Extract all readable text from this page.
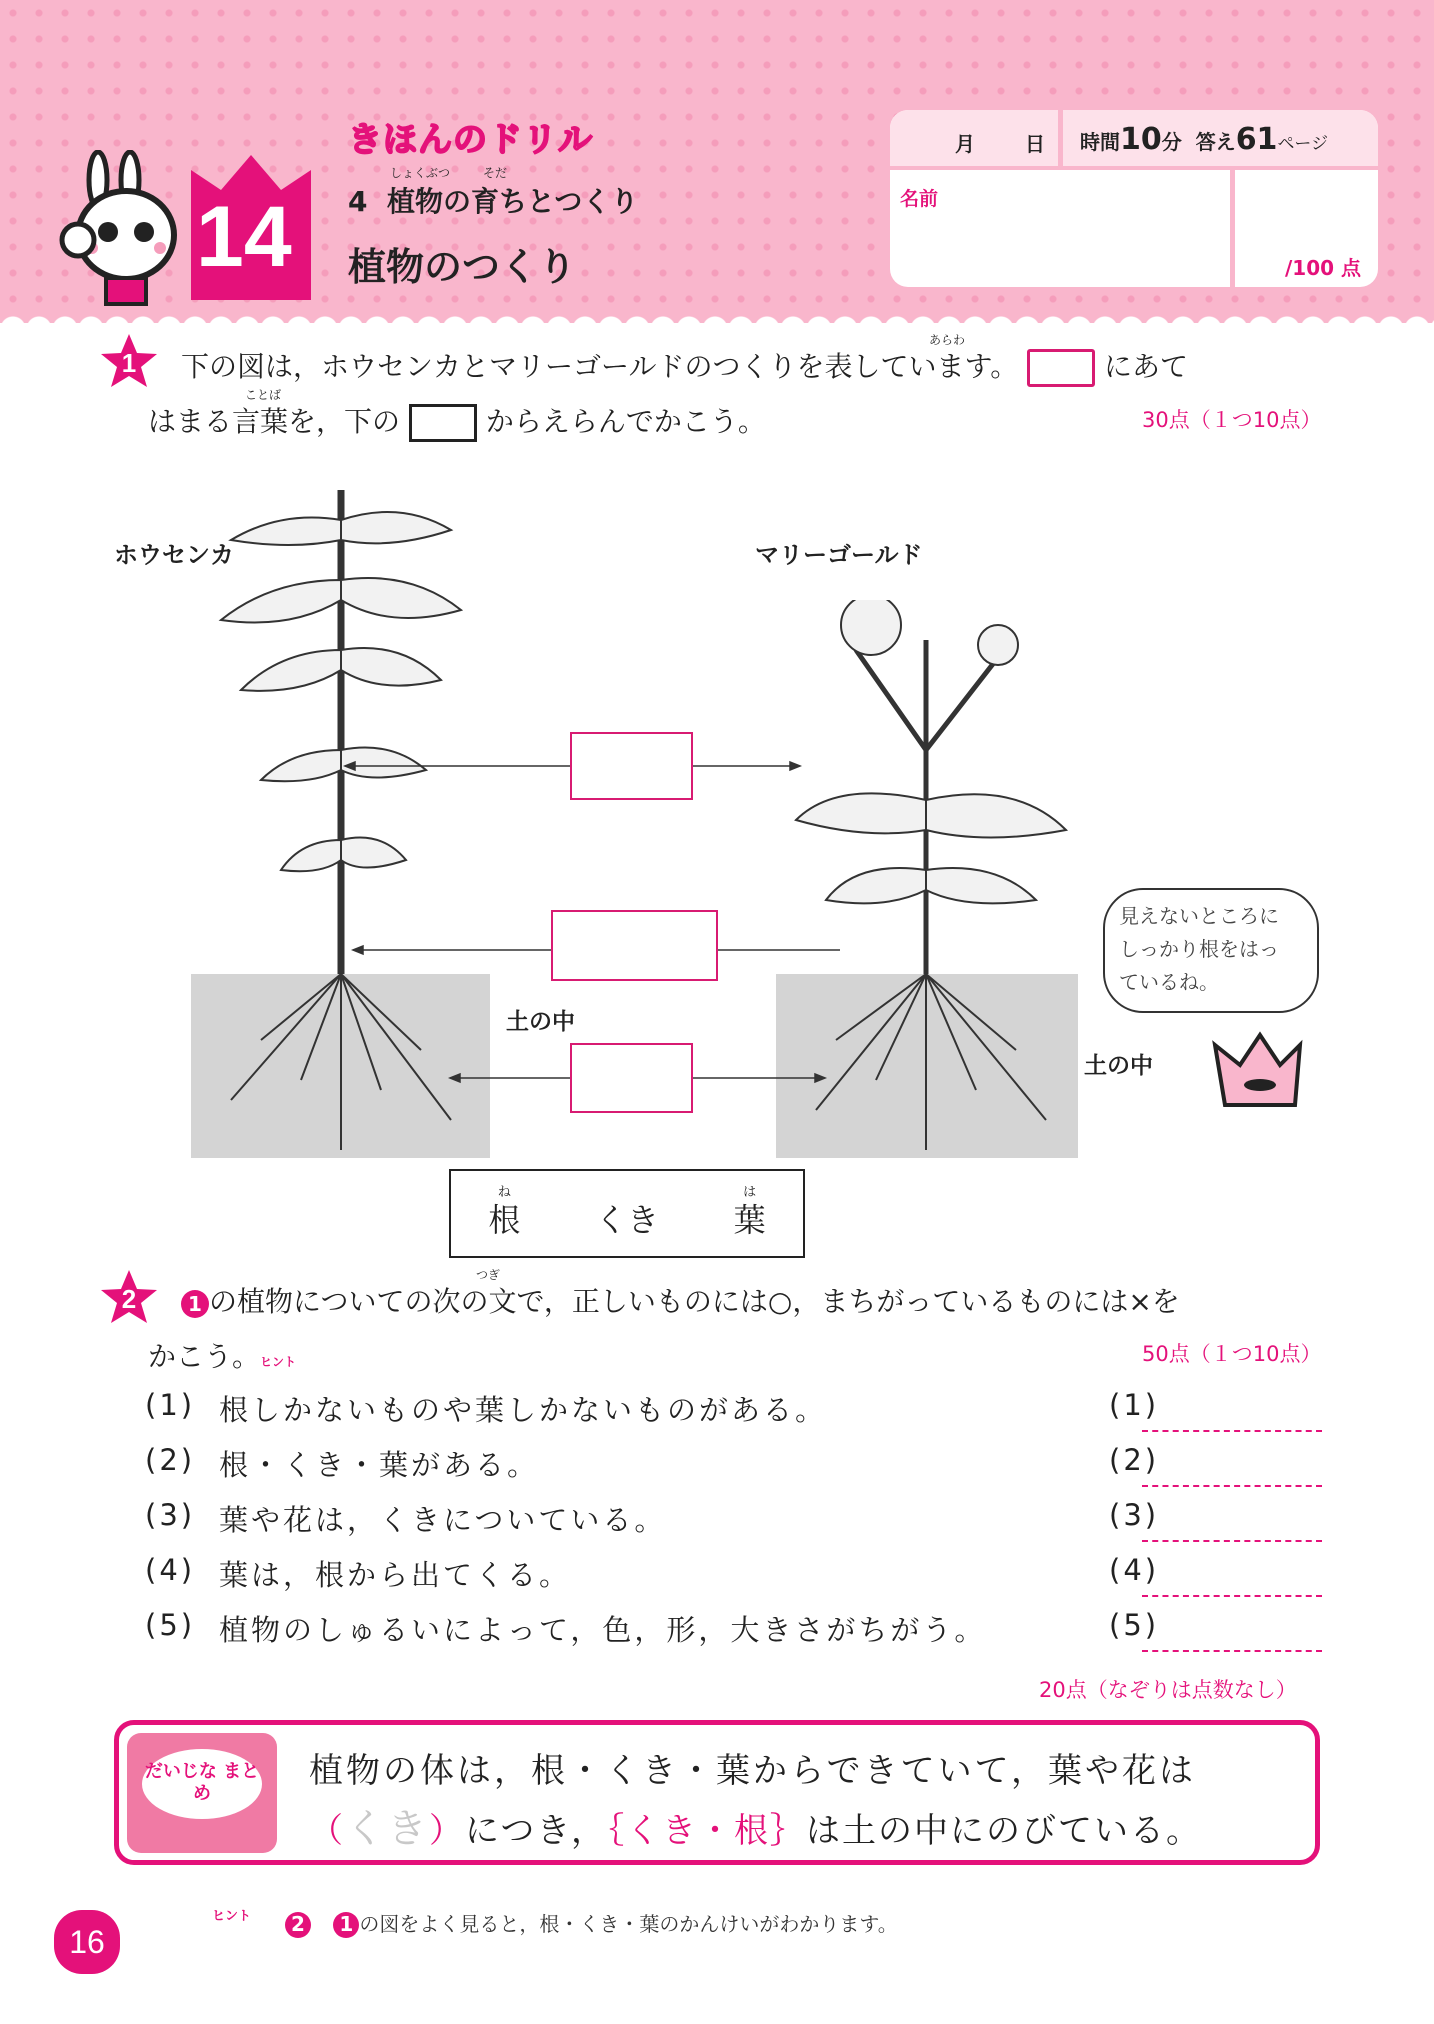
14
きほんのドリル
しょくぶつ	そだ
4 植物の育ちとつくり
植物のつくり
月	日 時間10分 答え61ページ
名前
/100 点
1
あらわ
下の図は，ホウセンカとマリーゴールドのつくりを表しています。	にあて
ことば
はまる言葉を，下の	からえらんでかこう。	30点（１つ10点）
ホウセンカ	マリーゴールド
土の中
土の中
見えないところに
しっかり根をはっ
ているね。
ね
根 くき
は
葉
2
つぎ
1 の植物についての次の文で，正しいものには○，まちがっているものには×を
かこう。ヒント	50点（１つ10点）
(1) 根しかないものや葉しかないものがある。	(1)
(2) 根・くき・葉がある。	(2)
(3) 葉や花は，くきについている。	(3)
(4) 葉は，根から出てくる。	(4)
(5) 植物のしゅるいによって，色，形，大きさがちがう。	(5)
20点（なぞりは点数なし）
だいじな まとめ
植物の体は，根・くき・葉からできていて，葉や花は
（くき）につき，｛くき・根｝は土の中にのびている。
16
ヒント	2 1 の図をよく見ると，根・くき・葉のかんけいがわかります。
